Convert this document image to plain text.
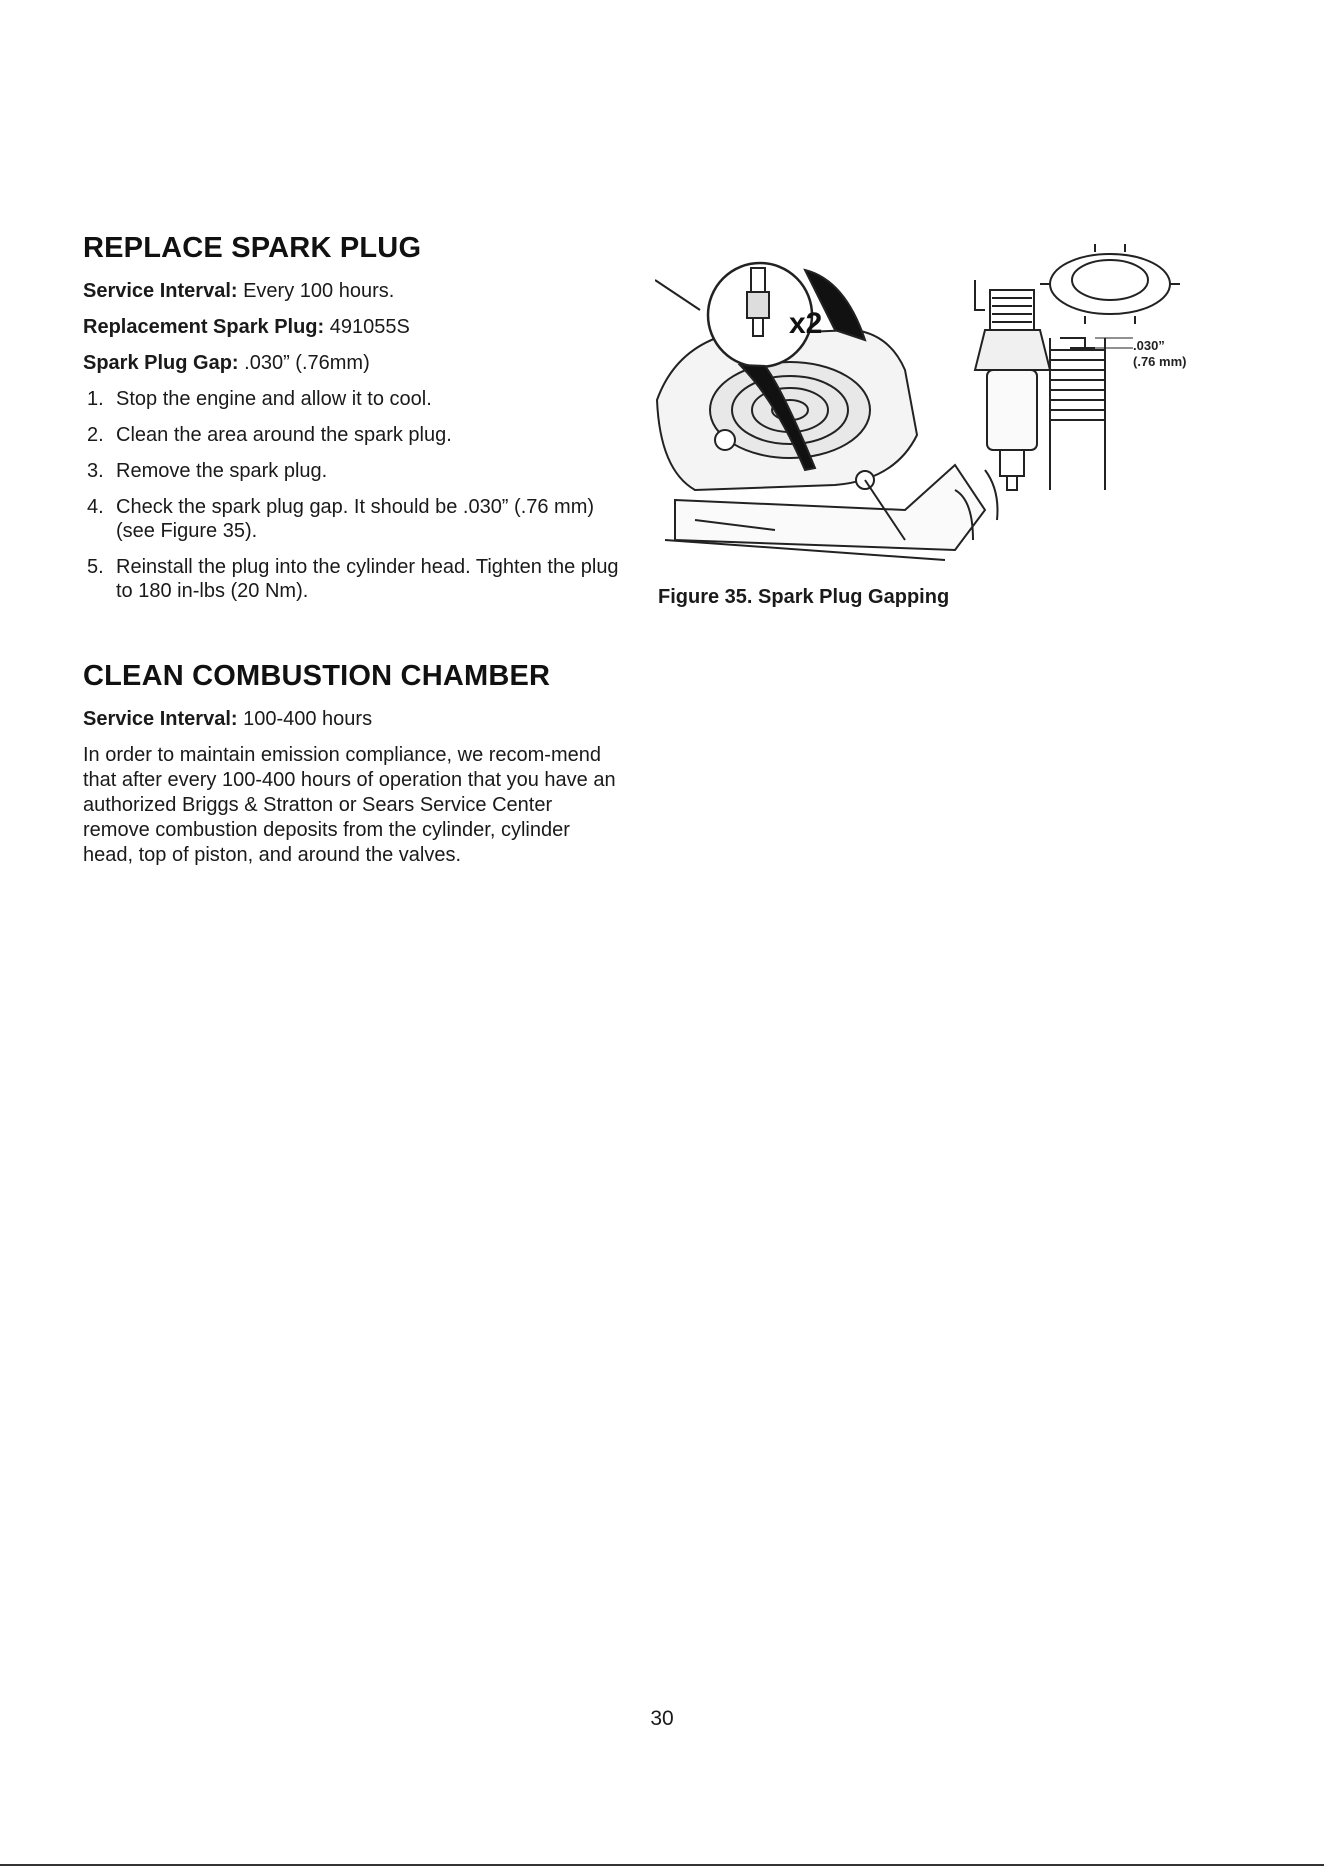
REPLACE SPARK PLUG

Service Interval: Every 100 hours.

Replacement Spark Plug: 491055S

Spark Plug Gap: .030” (.76mm)

1. Stop the engine and allow it to cool.
2. Clean the area around the spark plug.
3. Remove the spark plug.
4. Check the spark plug gap. It should be .030” (.76 mm) (see Figure 35).
5. Reinstall the plug into the cylinder head. Tighten the plug to 180 in-lbs (20 Nm).
x2
.030”
(.76 mm)
Figure 35. Spark Plug Gapping
CLEAN COMBUSTION CHAMBER

Service Interval: 100-400 hours

In order to maintain emission compliance, we recom-mend that after every 100-400 hours of operation that you have an authorized Briggs & Stratton or Sears Service Center remove combustion deposits from the cylinder, cylinder head, top of piston, and around the valves.

30
